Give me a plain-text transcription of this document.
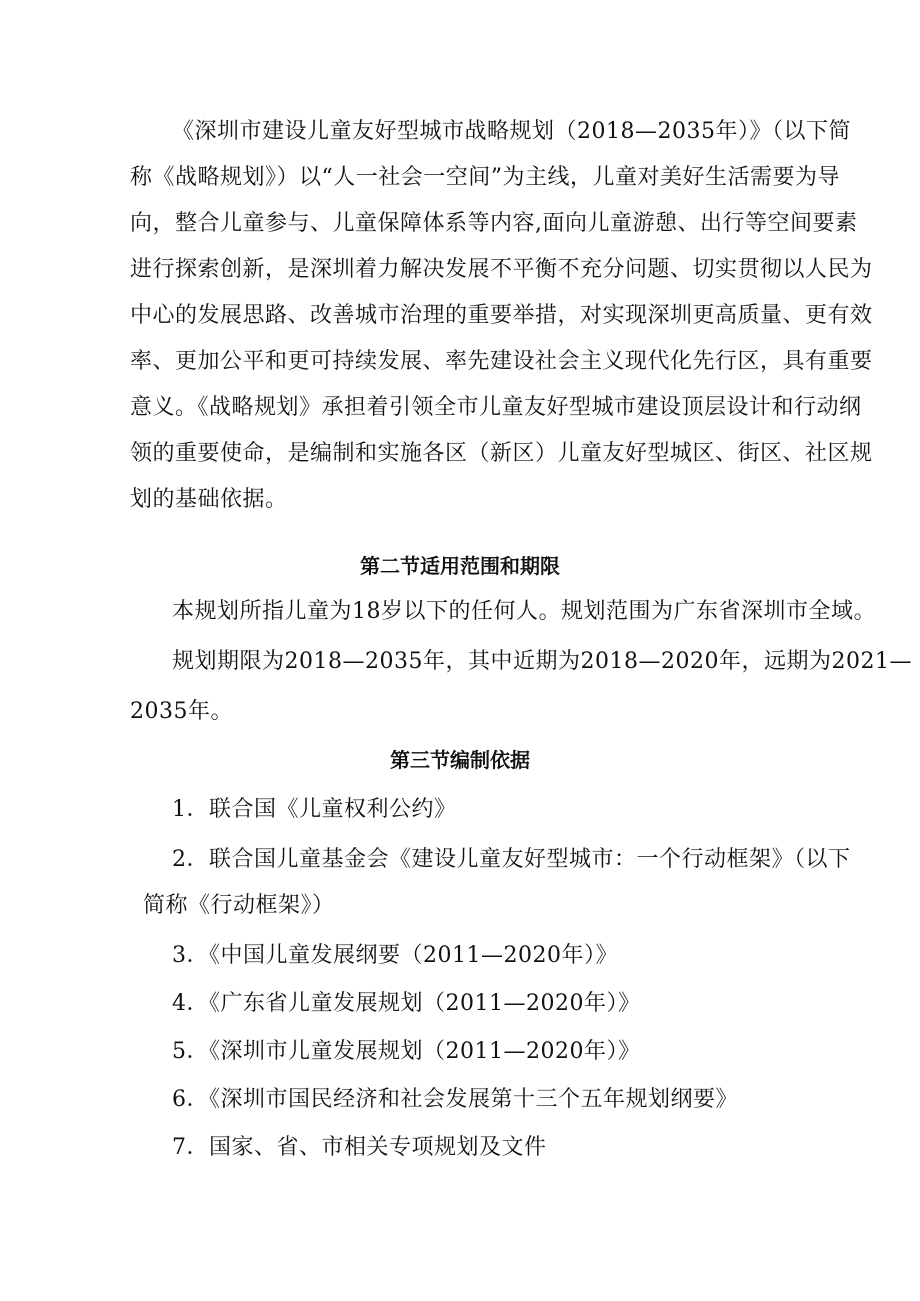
《深圳市建设儿童友好型城市战略规划（2018—2035年）》（以下简
称《战略规划》）以“人一社会一空间”为主线，儿童对美好生活需要为导
向，整合儿童参与、儿童保障体系等内容,面向儿童游憩、出行等空间要素
进行探索创新，是深圳着力解决发展不平衡不充分问题、切实贯彻以人民为
中心的发展思路、改善城市治理的重要举措，对实现深圳更高质量、更有效
率、更加公平和更可持续发展、率先建设社会主义现代化先行区，具有重要
意义。《战略规划》承担着引领全市儿童友好型城市建设顶层设计和行动纲
领的重要使命，是编制和实施各区（新区）儿童友好型城区、街区、社区规
划的基础依据。
第二节适用范围和期限
本规划所指儿童为18岁以下的任何人。规划范围为广东省深圳市全域。
规划期限为2018—2035年，其中近期为2018—2020年，远期为2021—
2035年。
第三节编制依据
1．联合国《儿童权利公约》
2．联合国儿童基金会《建设儿童友好型城市：一个行动框架》（以下
简称《行动框架》）
3．《中国儿童发展纲要（2011—2020年）》
4．《广东省儿童发展规划（2011—2020年）》
5．《深圳市儿童发展规划（2011—2020年）》
6．《深圳市国民经济和社会发展第十三个五年规划纲要》
7．国家、省、市相关专项规划及文件
